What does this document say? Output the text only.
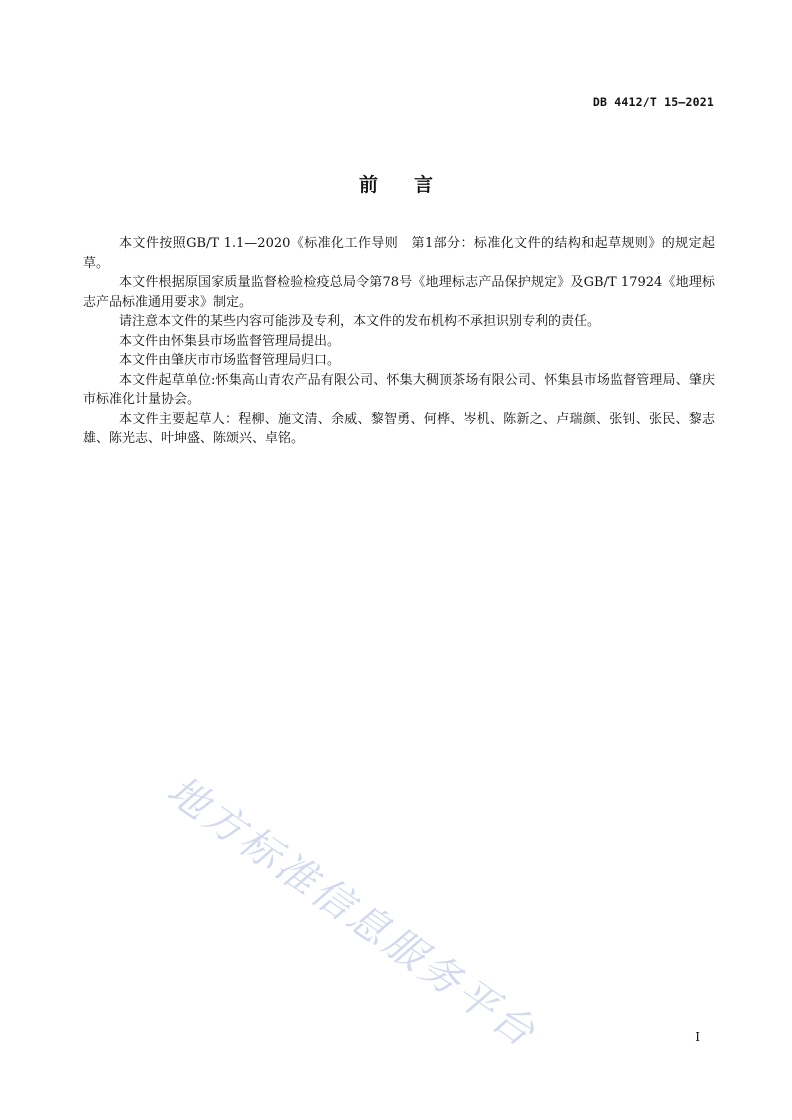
DB 4412/T 15—2021
前言

本文件按照GB/T 1.1—2020《标准化工作导则　第1部分：标准化文件的结构和起草规则》的规定起草。

本文件根据原国家质量监督检验检疫总局令第78号《地理标志产品保护规定》及GB/T 17924《地理标志产品标准通用要求》制定。

请注意本文件的某些内容可能涉及专利，本文件的发布机构不承担识别专利的责任。

本文件由怀集县市场监督管理局提出。

本文件由肇庆市市场监督管理局归口。

本文件起草单位:怀集高山青农产品有限公司、怀集大稠顶茶场有限公司、怀集县市场监督管理局、肇庆市标准化计量协会。

本文件主要起草人：程柳、施文清、余威、黎智勇、何桦、岑机、陈新之、卢瑞颜、张钊、张民、黎志雄、陈光志、叶坤盛、陈颂兴、卓铭。

地方标准信息服务平台	I
